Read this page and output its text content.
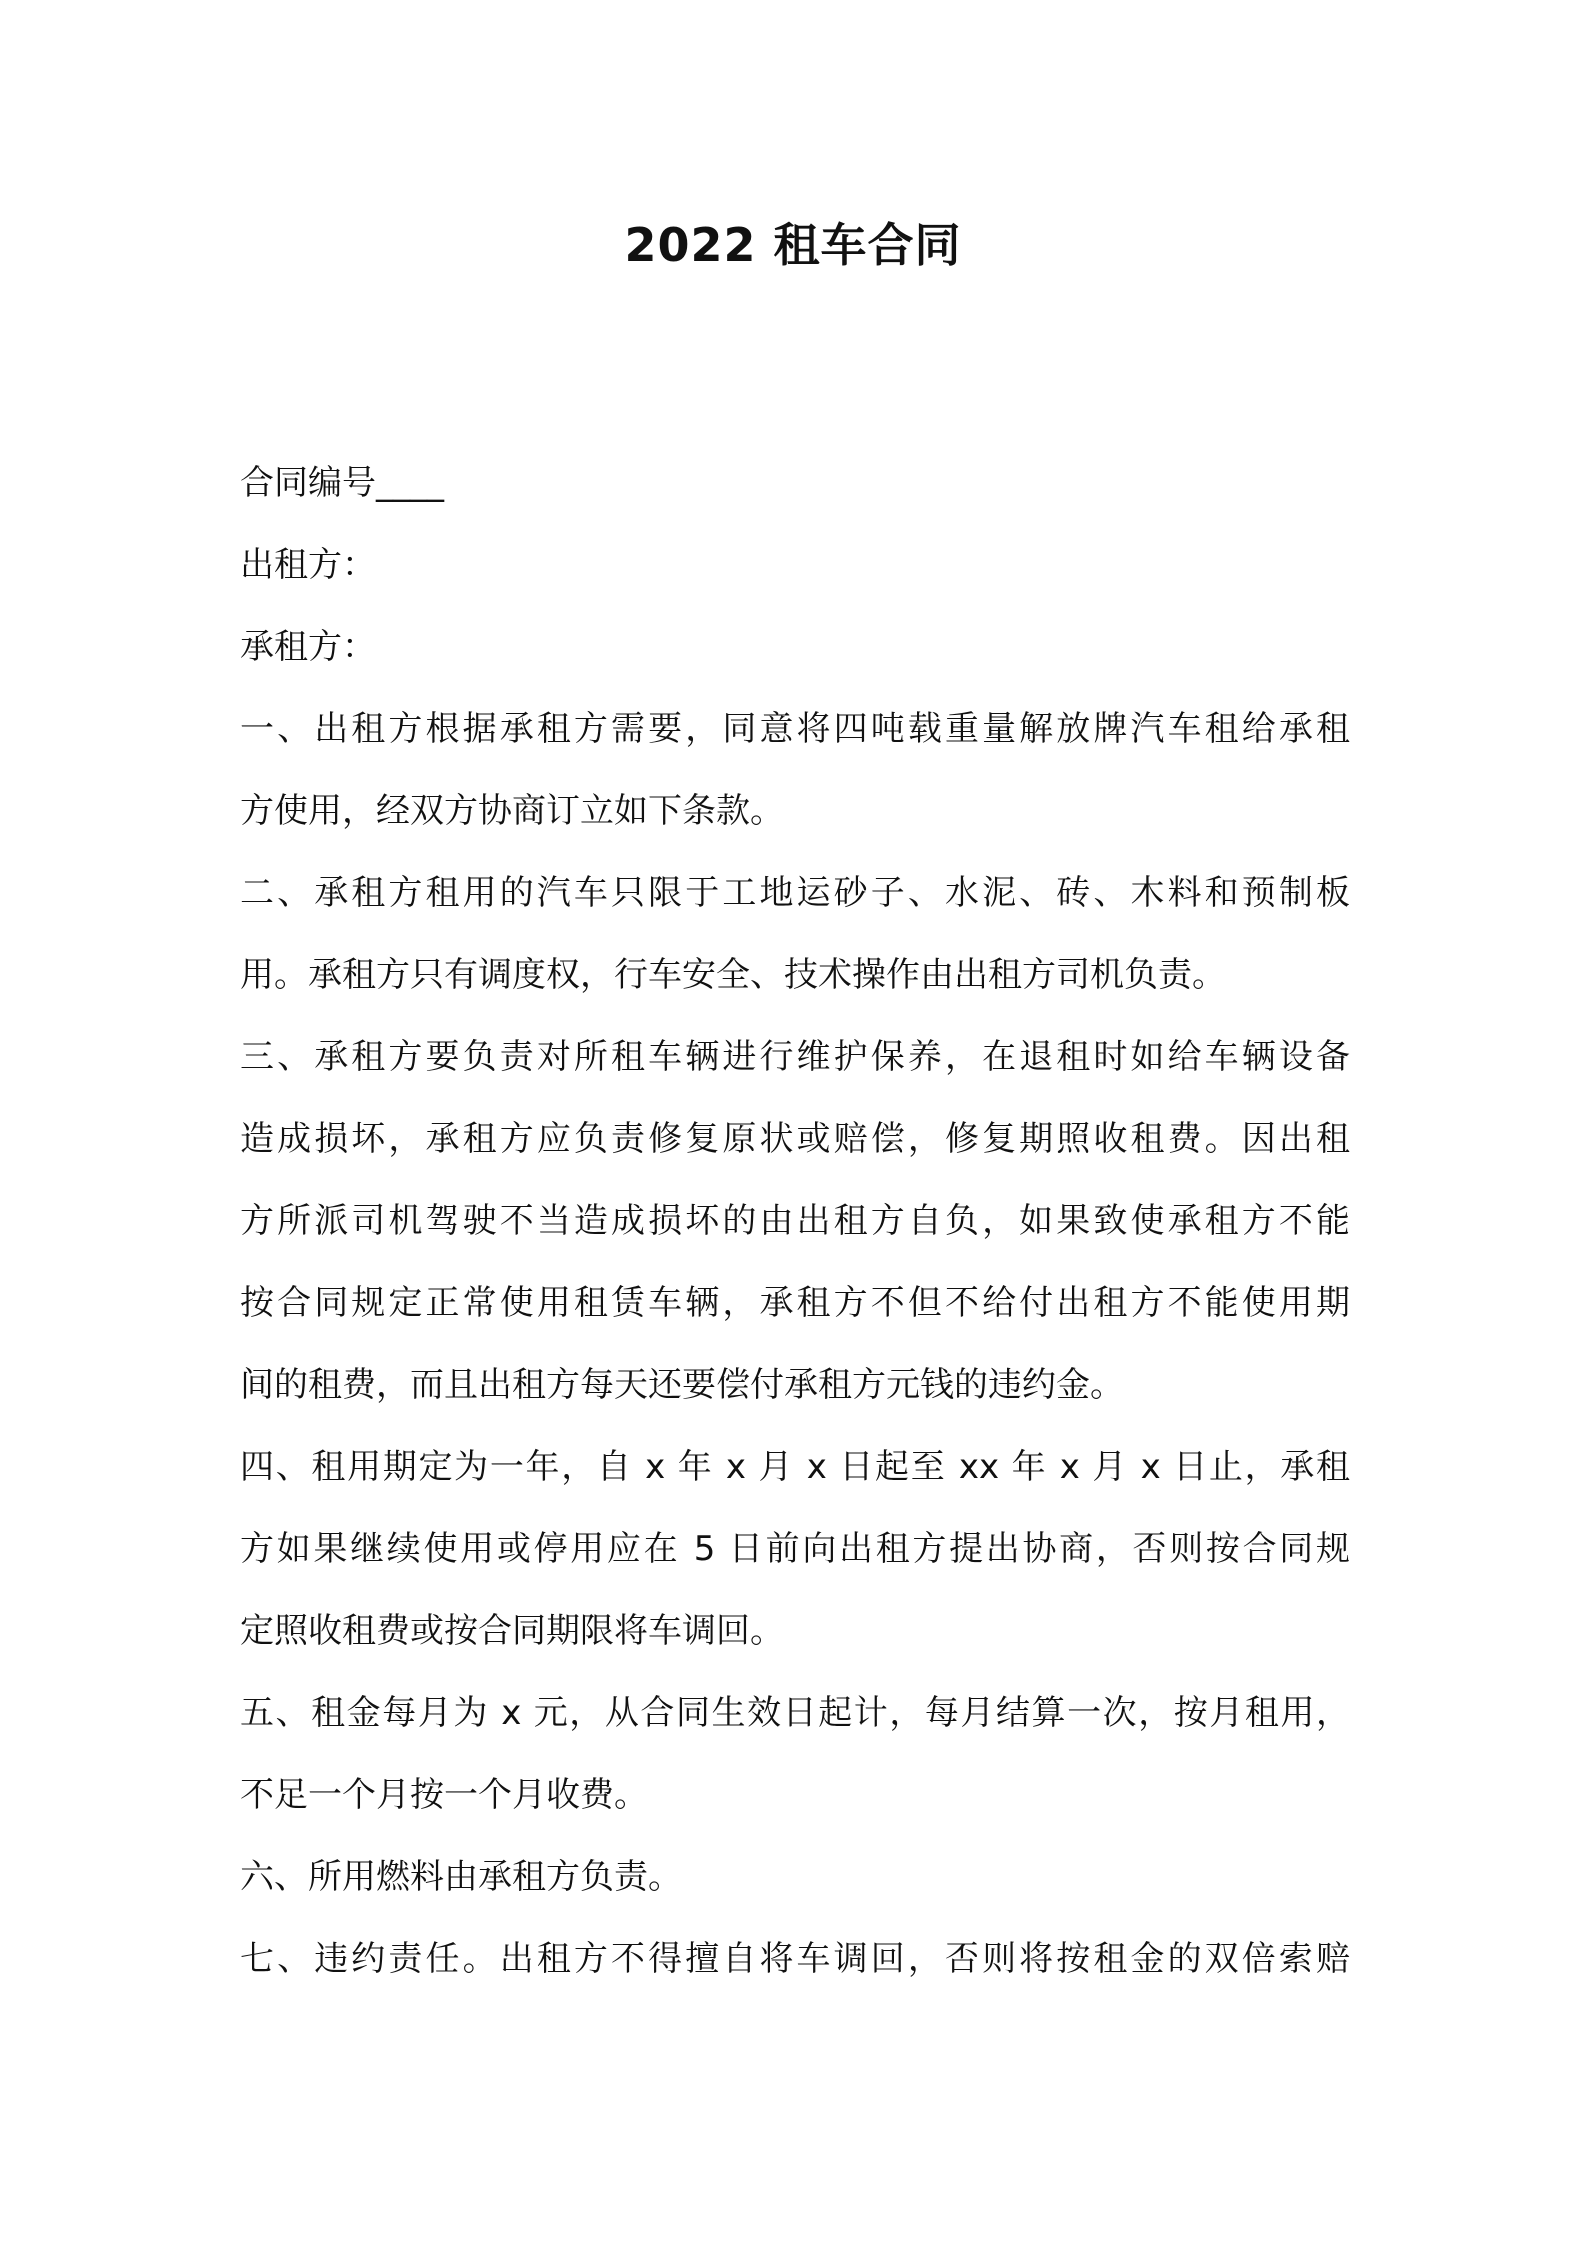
2022 租车合同
合同编号____
出租方：
承租方：
一、出租方根据承租方需要，同意将四吨载重量解放牌汽车租给承租
方使用，经双方协商订立如下条款。
二、承租方租用的汽车只限于工地运砂子、水泥、砖、木料和预制板
用。承租方只有调度权，行车安全、技术操作由出租方司机负责。
三、承租方要负责对所租车辆进行维护保养，在退租时如给车辆设备
造成损坏，承租方应负责修复原状或赔偿，修复期照收租费。因出租
方所派司机驾驶不当造成损坏的由出租方自负，如果致使承租方不能
按合同规定正常使用租赁车辆，承租方不但不给付出租方不能使用期
间的租费，而且出租方每天还要偿付承租方元钱的违约金。
四、租用期定为一年，自 x 年 x 月 x 日起至 xx 年 x 月 x 日止，承租
方如果继续使用或停用应在 5 日前向出租方提出协商，否则按合同规
定照收租费或按合同期限将车调回。
五、租金每月为 x 元，从合同生效日起计，每月结算一次，按月租用，
不足一个月按一个月收费。
六、所用燃料由承租方负责。
七、违约责任。出租方不得擅自将车调回，否则将按租金的双倍索赔
